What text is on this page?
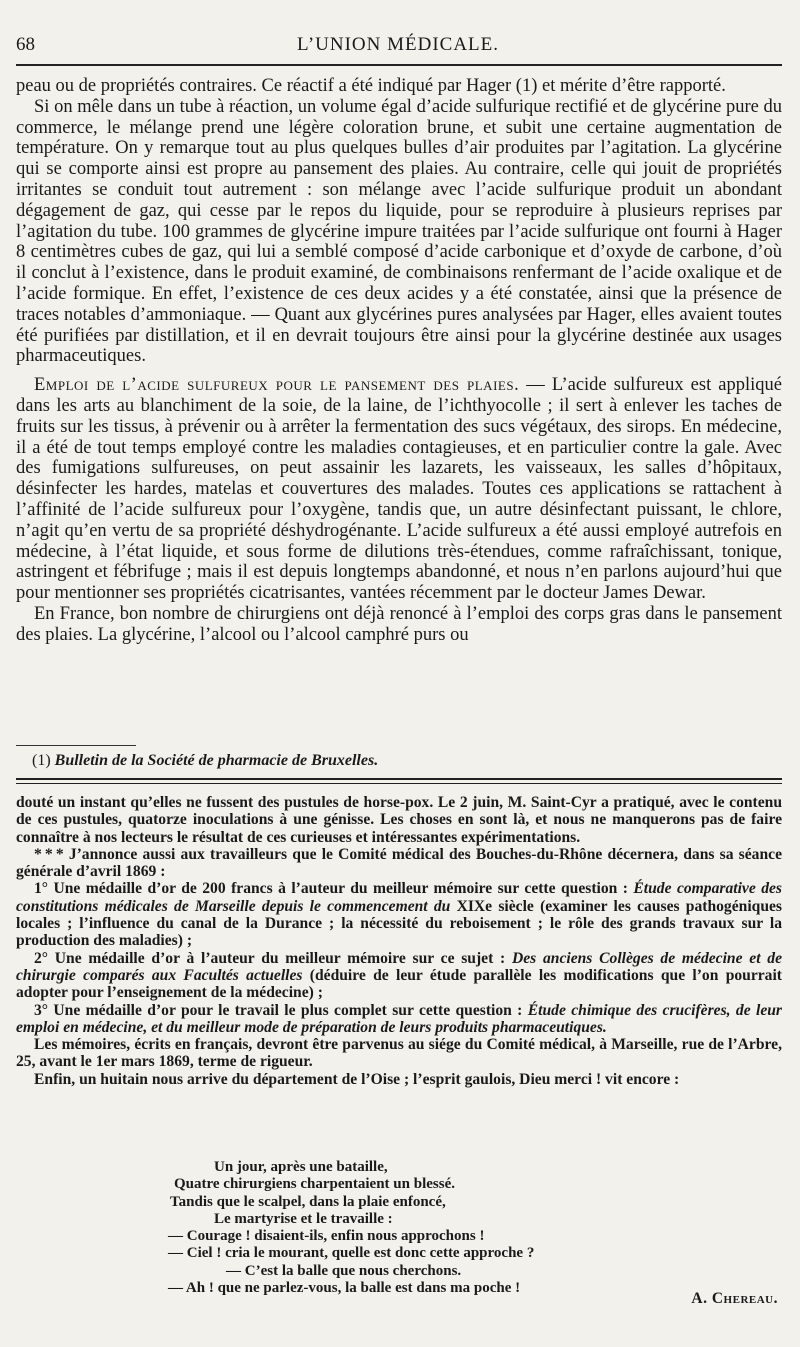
68	L’UNION MÉDICALE.

peau ou de propriétés contraires. Ce réactif a été indiqué par Hager (1) et mérite d’être rapporté.

Si on mêle dans un tube à réaction, un volume égal d’acide sulfurique rectifié et de glycérine pure du commerce, le mélange prend une légère coloration brune, et subit une certaine augmentation de température. On y remarque tout au plus quelques bulles d’air produites par l’agitation. La glycérine qui se comporte ainsi est propre au pansement des plaies. Au contraire, celle qui jouit de propriétés irritantes se conduit tout autrement : son mélange avec l’acide sulfurique produit un abondant dégagement de gaz, qui cesse par le repos du liquide, pour se reproduire à plusieurs reprises par l’agitation du tube. 100 grammes de glycérine impure traitées par l’acide sulfurique ont fourni à Hager 8 centimètres cubes de gaz, qui lui a semblé composé d’acide carbonique et d’oxyde de carbone, d’où il conclut à l’existence, dans le produit examiné, de combinaisons renfermant de l’acide oxalique et de l’acide formique. En effet, l’existence de ces deux acides y a été constatée, ainsi que la présence de traces notables d’ammoniaque. — Quant aux glycérines pures analysées par Hager, elles avaient toutes été purifiées par distillation, et il en devrait toujours être ainsi pour la glycérine destinée aux usages pharmaceutiques.

Emploi de l’acide sulfureux pour le pansement des plaies. — L’acide sulfureux est appliqué dans les arts au blanchiment de la soie, de la laine, de l’ichthyocolle ; il sert à enlever les taches de fruits sur les tissus, à prévenir ou à arrêter la fermentation des sucs végétaux, des sirops. En médecine, il a été de tout temps employé contre les maladies contagieuses, et en particulier contre la gale. Avec des fumigations sulfureuses, on peut assainir les lazarets, les vaisseaux, les salles d’hôpitaux, désinfecter les hardes, matelas et couvertures des malades. Toutes ces applications se rattachent à l’affinité de l’acide sulfureux pour l’oxygène, tandis que, un autre désinfectant puissant, le chlore, n’agit qu’en vertu de sa propriété déshydrogénante. L’acide sulfureux a été aussi employé autrefois en médecine, à l’état liquide, et sous forme de dilutions très-étendues, comme rafraîchissant, tonique, astringent et fébrifuge ; mais il est depuis longtemps abandonné, et nous n’en parlons aujourd’hui que pour mentionner ses propriétés cicatrisantes, vantées récemment par le docteur James Dewar.

En France, bon nombre de chirurgiens ont déjà renoncé à l’emploi des corps gras dans le pansement des plaies. La glycérine, l’alcool ou l’alcool camphré purs ou

(1) Bulletin de la Société de pharmacie de Bruxelles.

douté un instant qu’elles ne fussent des pustules de horse-pox. Le 2 juin, M. Saint-Cyr a pratiqué, avec le contenu de ces pustules, quatorze inoculations à une génisse. Les choses en sont là, et nous ne manquerons pas de faire connaître à nos lecteurs le résultat de ces curieuses et intéressantes expérimentations.

* * * J’annonce aussi aux travailleurs que le Comité médical des Bouches-du-Rhône décernera, dans sa séance générale d’avril 1869 :

1° Une médaille d’or de 200 francs à l’auteur du meilleur mémoire sur cette question : Étude comparative des constitutions médicales de Marseille depuis le commencement du XIXe siècle (examiner les causes pathogéniques locales ; l’influence du canal de la Durance ; la nécessité du reboisement ; le rôle des grands travaux sur la production des maladies) ;

2° Une médaille d’or à l’auteur du meilleur mémoire sur ce sujet : Des anciens Collèges de médecine et de chirurgie comparés aux Facultés actuelles (déduire de leur étude parallèle les modifications que l’on pourrait adopter pour l’enseignement de la médecine) ;

3° Une médaille d’or pour le travail le plus complet sur cette question : Étude chimique des crucifères, de leur emploi en médecine, et du meilleur mode de préparation de leurs produits pharmaceutiques.

Les mémoires, écrits en français, devront être parvenus au siége du Comité médical, à Marseille, rue de l’Arbre, 25, avant le 1er mars 1869, terme de rigueur.

Enfin, un huitain nous arrive du département de l’Oise ; l’esprit gaulois, Dieu merci ! vit encore :

Un jour, après une bataille,
Quatre chirurgiens charpentaient un blessé.
Tandis que le scalpel, dans la plaie enfoncé,
Le martyrise et le travaille :
— Courage ! disaient-ils, enfin nous approchons !
— Ciel ! cria le mourant, quelle est donc cette approche ?
— C’est la balle que nous cherchons.
— Ah ! que ne parlez-vous, la balle est dans ma poche !
A. Chereau.
